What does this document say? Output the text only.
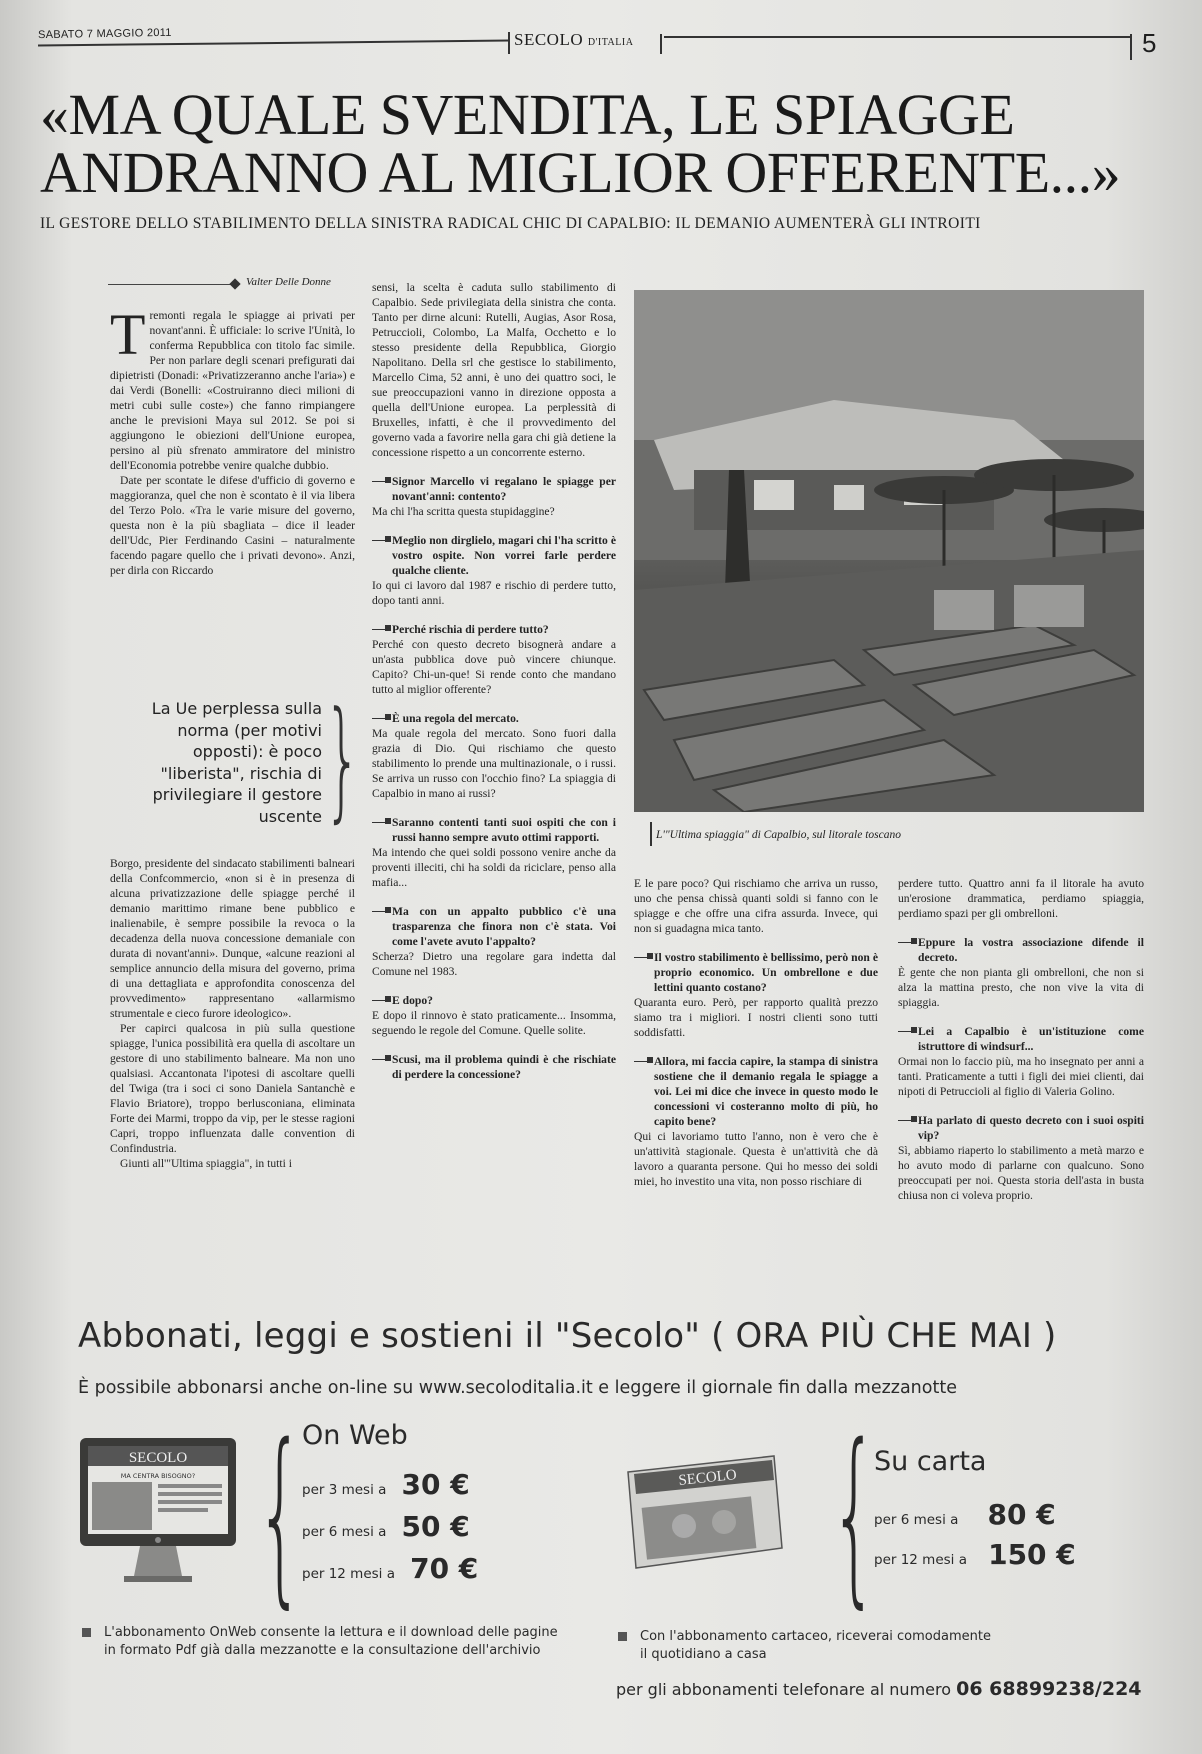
SABATO 7 MAGGIO 2011	SECOLO D'ITALIA	5
«MA QUALE SVENDITA, LE SPIAGGE
ANDRANNO AL MIGLIOR OFFERENTE...»
IL GESTORE DELLO STABILIMENTO DELLA SINISTRA RADICAL CHIC DI CAPALBIO: IL DEMANIO AUMENTERÀ GLI INTROITI
Valter Delle Donne

Tremonti regala le spiagge ai privati per novant'anni. È ufficiale: lo scrive l'Unità, lo conferma Repubblica con titolo fac simile. Per non parlare degli scenari prefigurati dai dipietristi (Donadi: «Privatizzeranno anche l'aria») e dai Verdi (Bonelli: «Costruiranno dieci milioni di metri cubi sulle coste») che fanno rimpiangere anche le previsioni Maya sul 2012. Se poi si aggiungono le obiezioni dell'Unione europea, persino al più sfrenato ammiratore del ministro dell'Economia potrebbe venire qualche dubbio.

Date per scontate le difese d'ufficio di governo e maggioranza, quel che non è scontato è il via libera del Terzo Polo. «Tra le varie misure del governo, questa non è la più sbagliata – dice il leader dell'Udc, Pier Ferdinando Casini – naturalmente facendo pagare quello che i privati devono». Anzi, per dirla con Riccardo

La Ue perplessa sulla norma (per motivi opposti): è poco "liberista", rischia di privilegiare il gestore uscente }

Borgo, presidente del sindacato stabilimenti balneari della Confcommercio, «non si è in presenza di alcuna privatizzazione delle spiagge perché il demanio marittimo rimane bene pubblico e inalienabile, è sempre possibile la revoca o la decadenza della nuova concessione demaniale con durata di novant'anni». Dunque, «alcune reazioni al semplice annuncio della misura del governo, prima di una dettagliata e approfondita conoscenza del provvedimento» rappresentano «allarmismo strumentale e cieco furore ideologico».

Per capirci qualcosa in più sulla questione spiagge, l'unica possibilità era quella di ascoltare un gestore di uno stabilimento balneare. Ma non uno qualsiasi. Accantonata l'ipotesi di ascoltare quelli del Twiga (tra i soci ci sono Daniela Santanchè e Flavio Briatore), troppo berlusconiana, eliminata Forte dei Marmi, troppo da vip, per le stesse ragioni Capri, troppo influenzata dalle convention di Confindustria.

Giunti all'"Ultima spiaggia", in tutti i

sensi, la scelta è caduta sullo stabilimento di Capalbio. Sede privilegiata della sinistra che conta. Tanto per dirne alcuni: Rutelli, Augias, Asor Rosa, Petruccioli, Colombo, La Malfa, Occhetto e lo stesso presidente della Repubblica, Giorgio Napolitano. Della srl che gestisce lo stabilimento, Marcello Cima, 52 anni, è uno dei quattro soci, le sue preoccupazioni vanno in direzione opposta a quella dell'Unione europea. La perplessità di Bruxelles, infatti, è che il provvedimento del governo vada a favorire nella gara chi già detiene la concessione rispetto a un concorrente esterno.

Signor Marcello vi regalano le spiagge per novant'anni: contento?

Ma chi l'ha scritta questa stupidaggine?

Meglio non dirglielo, magari chi l'ha scritto è vostro ospite. Non vorrei farle perdere qualche cliente.

Io qui ci lavoro dal 1987 e rischio di perdere tutto, dopo tanti anni.

Perché rischia di perdere tutto?

Perché con questo decreto bisognerà andare a un'asta pubblica dove può vincere chiunque. Capito? Chi-un-que! Si rende conto che mandano tutto al miglior offerente?

È una regola del mercato.

Ma quale regola del mercato. Sono fuori dalla grazia di Dio. Qui rischiamo che questo stabilimento lo prende una multinazionale, o i russi. Se arriva un russo con l'occhio fino? La spiaggia di Capalbio in mano ai russi?

Saranno contenti tanti suoi ospiti che con i russi hanno sempre avuto ottimi rapporti.

Ma intendo che quei soldi possono venire anche da proventi illeciti, chi ha soldi da riciclare, penso alla mafia...

Ma con un appalto pubblico c'è una trasparenza che finora non c'è stata. Voi come l'avete avuto l'appalto?

Scherza? Dietro una regolare gara indetta dal Comune nel 1983.

E dopo?

E dopo il rinnovo è stato praticamente... Insomma, seguendo le regole del Comune. Quelle solite.

Scusi, ma il problema quindi è che rischiate di perdere la concessione?

L'"Ultima spiaggia" di Capalbio, sul litorale toscano

E le pare poco? Qui rischiamo che arriva un russo, uno che pensa chissà quanti soldi si fanno con le spiagge e che offre una cifra assurda. Invece, qui non si guadagna mica tanto.

Il vostro stabilimento è bellissimo, però non è proprio economico. Un ombrellone e due lettini quanto costano?

Quaranta euro. Però, per rapporto qualità prezzo siamo tra i migliori. I nostri clienti sono tutti soddisfatti.

Allora, mi faccia capire, la stampa di sinistra sostiene che il demanio regala le spiagge a voi. Lei mi dice che invece in questo modo le concessioni vi costeranno molto di più, ho capito bene?

Qui ci lavoriamo tutto l'anno, non è vero che è un'attività stagionale. Questa è un'attività che dà lavoro a quaranta persone. Qui ho messo dei soldi miei, ho investito una vita, non posso rischiare di

perdere tutto. Quattro anni fa il litorale ha avuto un'erosione drammatica, perdiamo spiaggia, perdiamo spazi per gli ombrelloni.

Eppure la vostra associazione difende il decreto.

È gente che non pianta gli ombrelloni, che non si alza la mattina presto, che non vive la vita di spiaggia.

Lei a Capalbio è un'istituzione come istruttore di windsurf...

Ormai non lo faccio più, ma ho insegnato per anni a tanti. Praticamente a tutti i figli dei miei clienti, dai nipoti di Petruccioli al figlio di Valeria Golino.

Ha parlato di questo decreto con i suoi ospiti vip?

Sì, abbiamo riaperto lo stabilimento a metà marzo e ho avuto modo di parlarne con qualcuno. Sono preoccupati per noi. Questa storia dell'asta in busta chiusa non ci voleva proprio.

Abbonati, leggi e sostieni il "Secolo" ( ORA PIÙ CHE MAI )
È possibile abbonarsi anche on-line su www.secoloditalia.it e leggere il giornale fin dalla mezzanotte
SECOLO
MA CENTRA BISOGNO? {
On Web
per 3 mesi a 30 €
per 6 mesi a 50 €
per 12 mesi a 70 €
SECOLO {
Su carta
per 6 mesi a 80 €
per 12 mesi a 150 €
L'abbonamento OnWeb consente la lettura e il download delle pagine
in formato Pdf già dalla mezzanotte e la consultazione dell'archivio
Con l'abbonamento cartaceo, riceverai comodamente
il quotidiano a casa
per gli abbonamenti telefonare al numero 06 68899238/224
